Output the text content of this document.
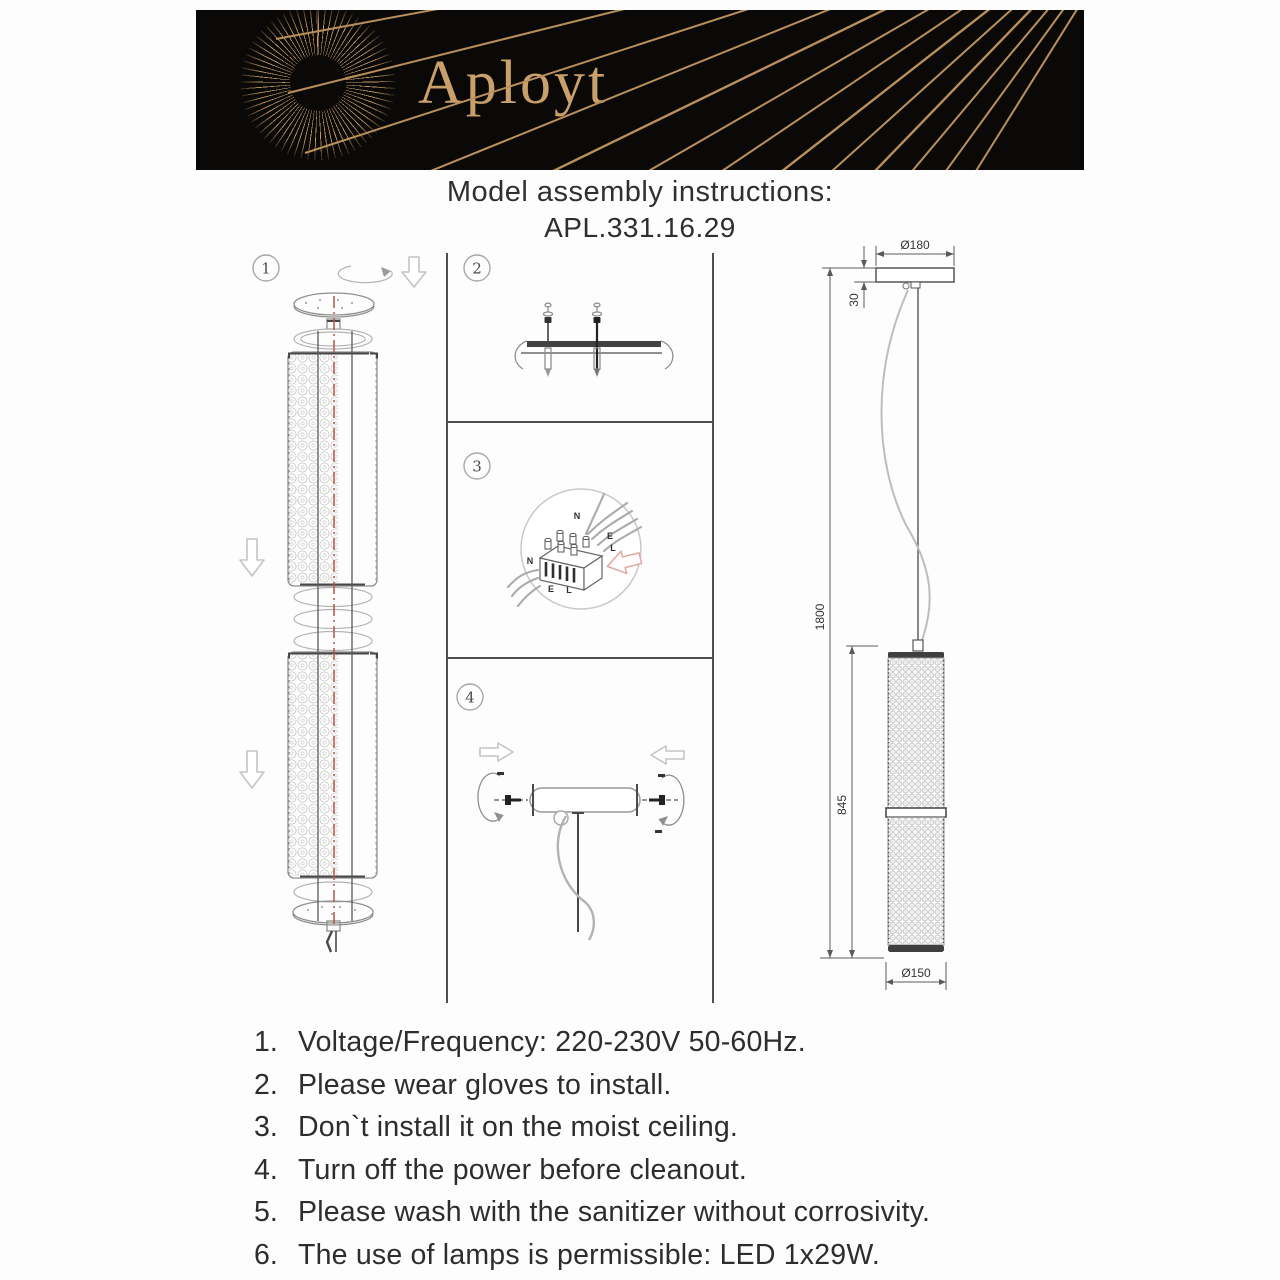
Aployt
Model assembly instructions:
APL.331.16.29
1	2
3
4
N
E
L
N
E L
Ø180
30
1800
845
Ø150
1. Voltage/Frequency: 220-230V 50-60Hz.
2. Please wear gloves to install.
3. Don`t install it on the moist ceiling.
4. Turn off the power before cleanout.
5. Please wash with the sanitizer without corrosivity.
6. The use of lamps is permissible: LED 1x29W.
